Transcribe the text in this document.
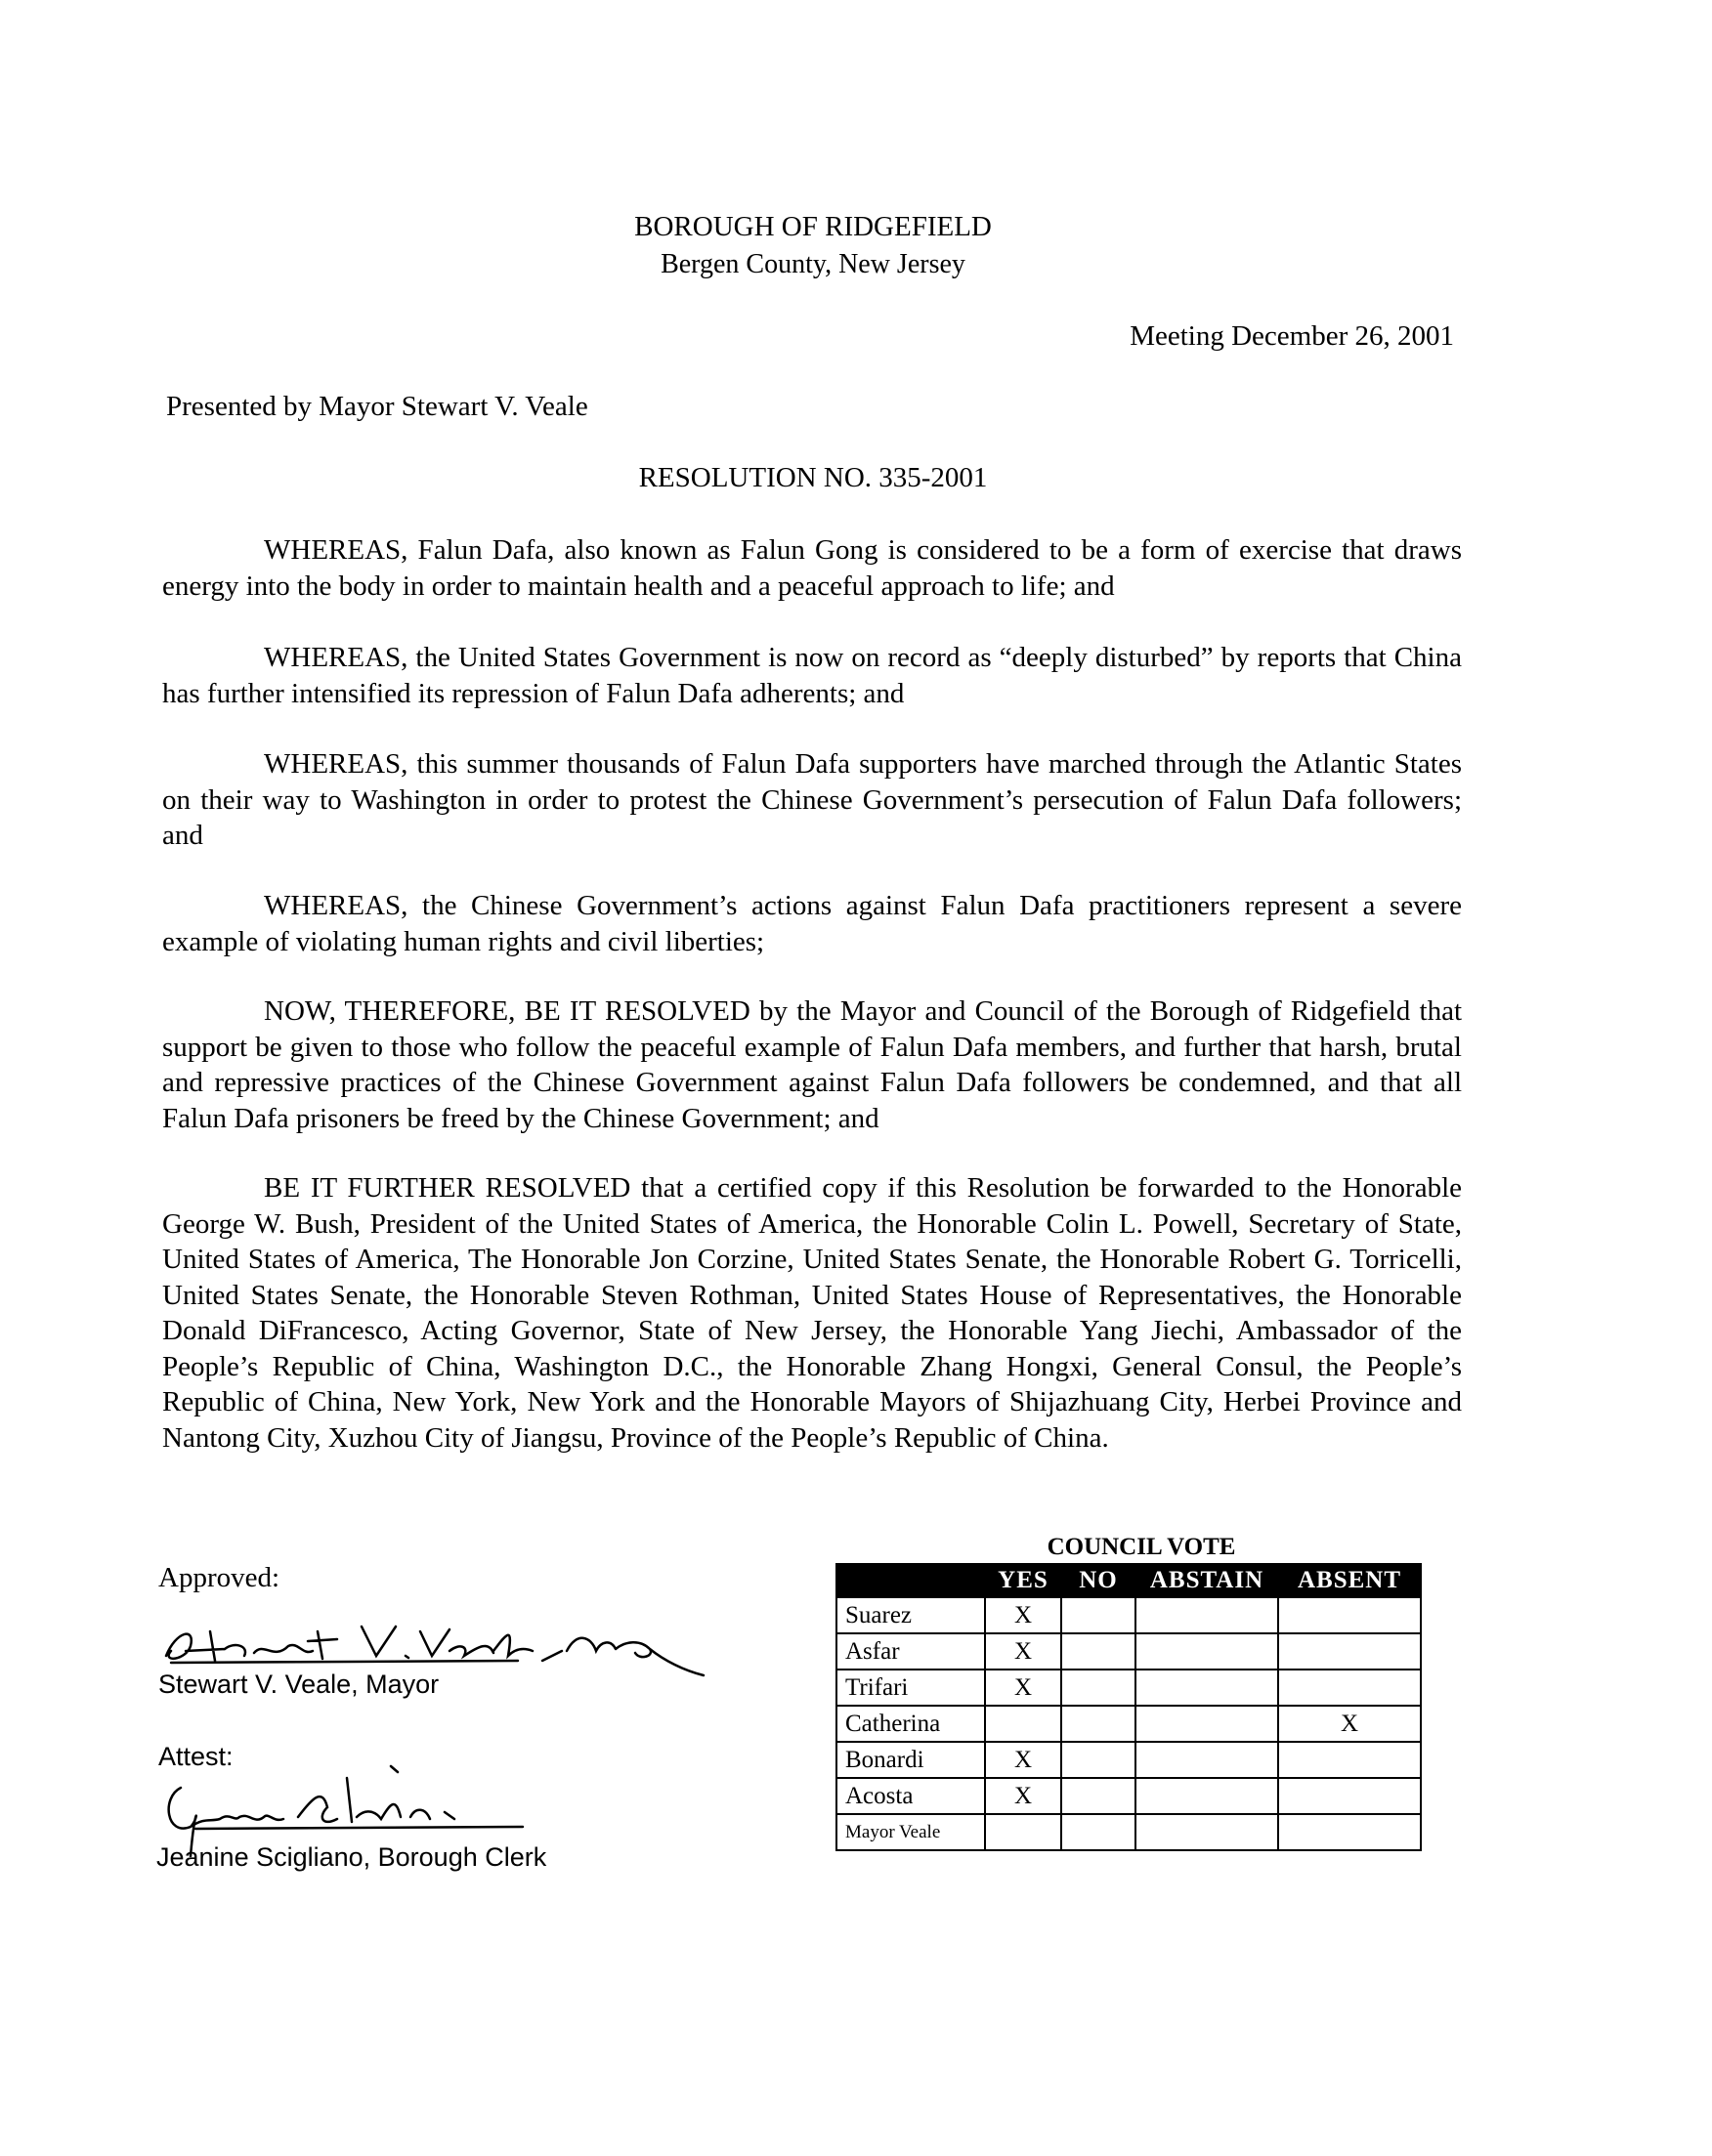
BOROUGH OF RIDGEFIELD
Bergen County, New Jersey
Meeting December 26, 2001
Presented by Mayor Stewart V. Veale
RESOLUTION NO. 335-2001
WHEREAS, Falun Dafa, also known as Falun Gong is considered to be a form of exercise that draws energy into the body in order to maintain health and a peaceful approach to life; and
WHEREAS, the United States Government is now on record as “deeply disturbed” by reports that China has further intensified its repression of Falun Dafa adherents; and
WHEREAS, this summer thousands of Falun Dafa supporters have marched through the Atlantic States on their way to Washington in order to protest the Chinese Government’s persecution of Falun Dafa followers; and
WHEREAS, the Chinese Government’s actions against Falun Dafa practitioners represent a severe example of violating human rights and civil liberties;
NOW, THEREFORE, BE IT RESOLVED by the Mayor and Council of the Borough of Ridgefield that support be given to those who follow the peaceful example of Falun Dafa members, and further that harsh, brutal and repressive practices of the Chinese Government against Falun Dafa followers be condemned, and that all Falun Dafa prisoners be freed by the Chinese Government; and
BE IT FURTHER RESOLVED that a certified copy if this Resolution be forwarded to the Honorable George W. Bush, President of the United States of America, the Honorable Colin L. Powell, Secretary of State, United States of America, The Honorable Jon Corzine, United States Senate, the Honorable Robert G. Torricelli, United States Senate, the Honorable Steven Rothman, United States House of Representatives, the Honorable Donald DiFrancesco, Acting Governor, State of New Jersey, the Honorable Yang Jiechi, Ambassador of the People’s Republic of China, Washington D.C., the Honorable Zhang Hongxi, General Consul, the People’s Republic of China, New York, New York and the Honorable Mayors of Shijazhuang City, Herbei Province and Nantong City, Xuzhou City of Jiangsu, Province of the People’s Republic of China.
Approved:
Stewart V. Veale, Mayor
Attest:
Jeanine Scigliano, Borough Clerk
COUNCIL VOTE
	YES	NO	ABSTAIN	ABSENT
Suarez	X			
Asfar	X			
Trifari	X			
Catherina				X
Bonardi	X			
Acosta	X			
Mayor Veale				
